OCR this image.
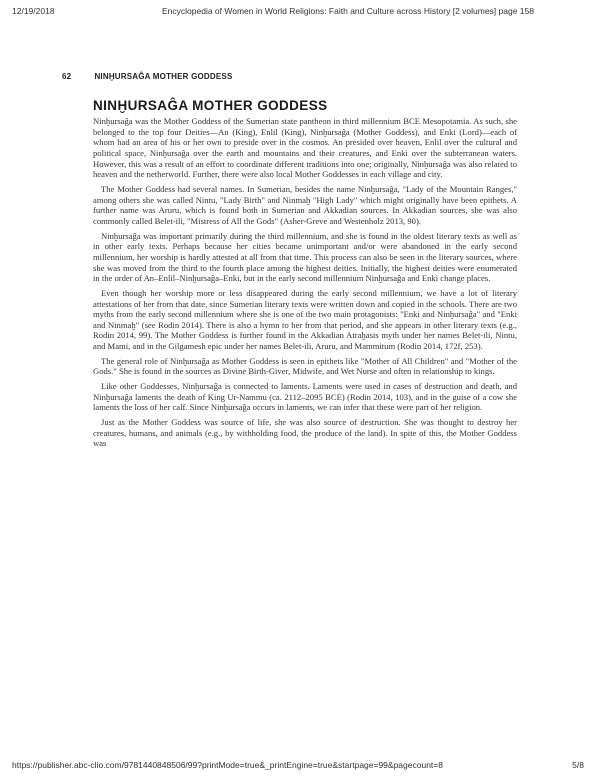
12/19/2018	Encyclopedia of Women in World Religions: Faith and Culture across History [2 volumes] page 158
62	NINḪURSAĜA MOTHER GODDESS
NINḪURSAĜA MOTHER GODDESS

Ninḫursaĝa was the Mother Goddess of the Sumerian state pantheon in third millennium BCE Mesopotamia. As such, she belonged to the top four Deities—An (King), Enlil (King), Ninḫursaĝa (Mother Goddess), and Enki (Lord)—each of whom had an area of his or her own to preside over in the cosmos. An presided over heaven, Enlil over the cultural and political space, Ninḫursaĝa over the earth and mountains and their creatures, and Enki over the subterranean waters. However, this was a result of an effort to coordinate different traditions into one; originally, Ninḫursaĝa was also related to heaven and the netherworld. Further, there were also local Mother Goddesses in each village and city.

The Mother Goddess had several names. In Sumerian, besides the name Ninḫursaĝa, "Lady of the Mountain Ranges," among others she was called Nintu, "Lady Birth" and Ninmaḫ "High Lady" which might originally have been epithets. A further name was Aruru, which is found both in Sumerian and Akkadian sources. In Akkadian sources, she was also commonly called Belet-ili, "Mistress of All the Gods" (Asher-Greve and Westenholz 2013, 90).

Ninḫursaĝa was important primarily during the third millennium, and she is found in the oldest literary texts as well as in other early texts. Perhaps because her cities became unimportant and/or were abandoned in the early second millennium, her worship is hardly attested at all from that time. This process can also be seen in the literary sources, where she was moved from the third to the fourth place among the highest deities. Initially, the highest deities were enumerated in the order of An–Enlil–Ninḫursaĝa–Enki, but in the early second millennium Ninḫursaĝa and Enki change places.

Even though her worship more or less disappeared during the early second millennium, we have a lot of literary attestations of her from that date, since Sumerian literary texts were written down and copied in the schools. There are two myths from the early second millennium where she is one of the two main protagonists: "Enki and Ninḫursaĝa" and "Enki and Ninmaḫ" (see Rodin 2014). There is also a hymn to her from that period, and she appears in other literary texts (e.g., Rodin 2014, 99). The Mother Goddess is further found in the Akkadian Atraḫasis myth under her names Belet-ili, Nintu, and Mami, and in the Gilgamesh epic under her names Belet-ili, Aruru, and Mammitum (Rodin 2014, 172f, 253).

The general role of Ninḫursaĝa as Mother Goddess is seen in epithets like "Mother of All Children" and "Mother of the Gods." She is found in the sources as Divine Birth-Giver, Midwife, and Wet Nurse and often in relationship to kings.

Like other Goddesses, Ninḫursaĝa is connected to laments. Laments were used in cases of destruction and death, and Ninḫursaĝa laments the death of King Ur-Nammu (ca. 2112–2095 BCE) (Rodin 2014, 103), and in the guise of a cow she laments the loss of her calf. Since Ninḫursaĝa occurs in laments, we can infer that these were part of her religion.

Just as the Mother Goddess was source of life, she was also source of destruction. She was thought to destroy her creatures, humans, and animals (e.g., by withholding food, the produce of the land). In spite of this, the Mother Goddess was

https://publisher.abc-clio.com/9781440848506/99?printMode=true&_printEngine=true&startpage=99&pagecount=8	5/8
